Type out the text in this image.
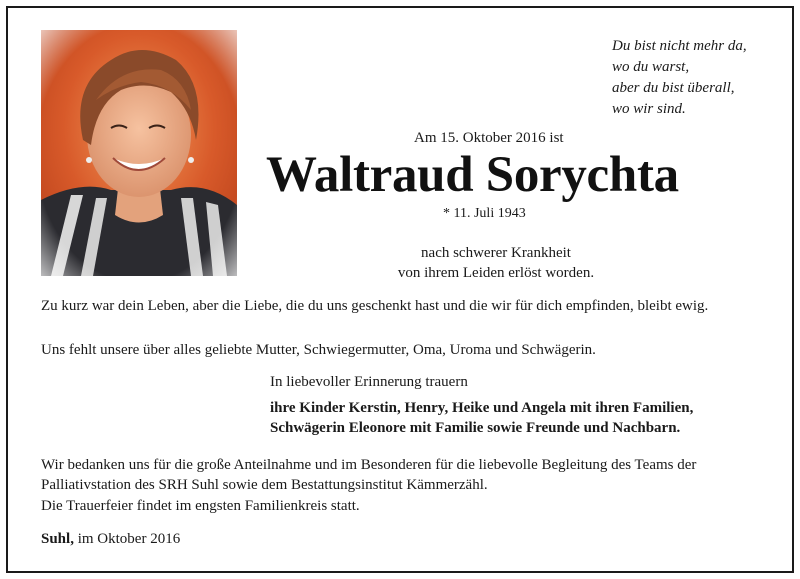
Du bist nicht mehr da,
wo du warst,
aber du bist überall,
wo wir sind.
Am 15. Oktober 2016 ist
Waltraud Sorychta
* 11. Juli 1943
nach schwerer Krankheit
von ihrem Leiden erlöst worden.
Zu kurz war dein Leben, aber die Liebe, die du uns geschenkt hast und die wir für dich empfinden, bleibt ewig.
Uns fehlt unsere über alles geliebte Mutter, Schwiegermutter, Oma, Uroma und Schwägerin.
In liebevoller Erinnerung trauern
ihre Kinder Kerstin, Henry, Heike und Angela mit ihren Familien,
Schwägerin Eleonore mit Familie sowie Freunde und Nachbarn.
Wir bedanken uns für die große Anteilnahme und im Besonderen für die liebevolle Begleitung des Teams der Palliativstation des SRH Suhl sowie dem Bestattungsinstitut Kämmerzähl.
Die Trauerfeier findet im engsten Familienkreis statt.
Suhl, im Oktober 2016
